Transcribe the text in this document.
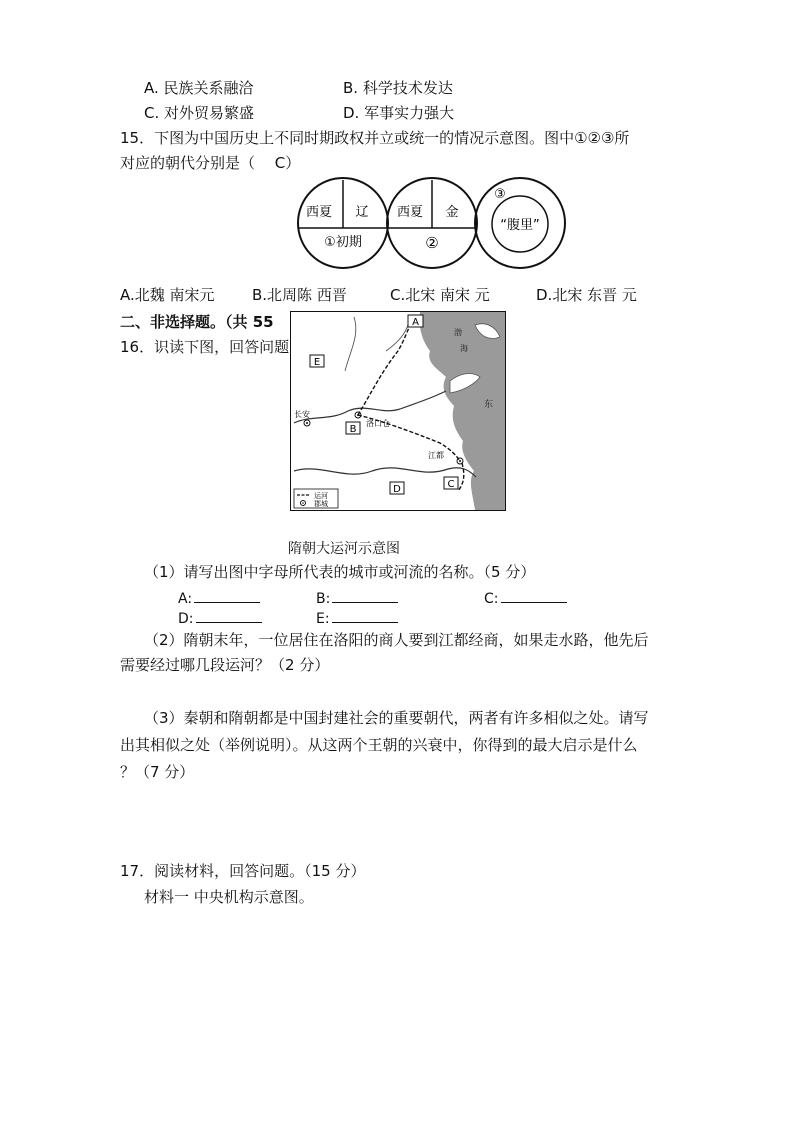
A. 民族关系融洽	B. 科学技术发达
C. 对外贸易繁盛	D. 军事实力强大
15．下图为中国历史上不同时期政权并立或统一的情况示意图。图中①②③所
对应的朝代分别是（　 C）
西夏 辽
①初期
西夏 金
②
③
“腹里”
A.北魏 南宋元 B.北周陈 西晋	C.北宋 南宋 元	D.北宋 东晋 元
二、非选择题。（共 55
16．识读下图，回答问题
A
E
B
C
D
长安
洛口仓
江都
渤
海
东
运河
郡城
隋朝大运河示意图
（1）请写出图中字母所代表的城市或河流的名称。（5 分）
A:	B:	C:
D:	E:
（2）隋朝末年，一位居住在洛阳的商人要到江都经商，如果走水路，他先后
需要经过哪几段运河？（2 分）
（3）秦朝和隋朝都是中国封建社会的重要朝代，两者有许多相似之处。请写
出其相似之处（举例说明）。从这两个王朝的兴衰中，你得到的最大启示是什么
？（7 分）
17．阅读材料，回答问题。（15 分）
材料一 中央机构示意图。
